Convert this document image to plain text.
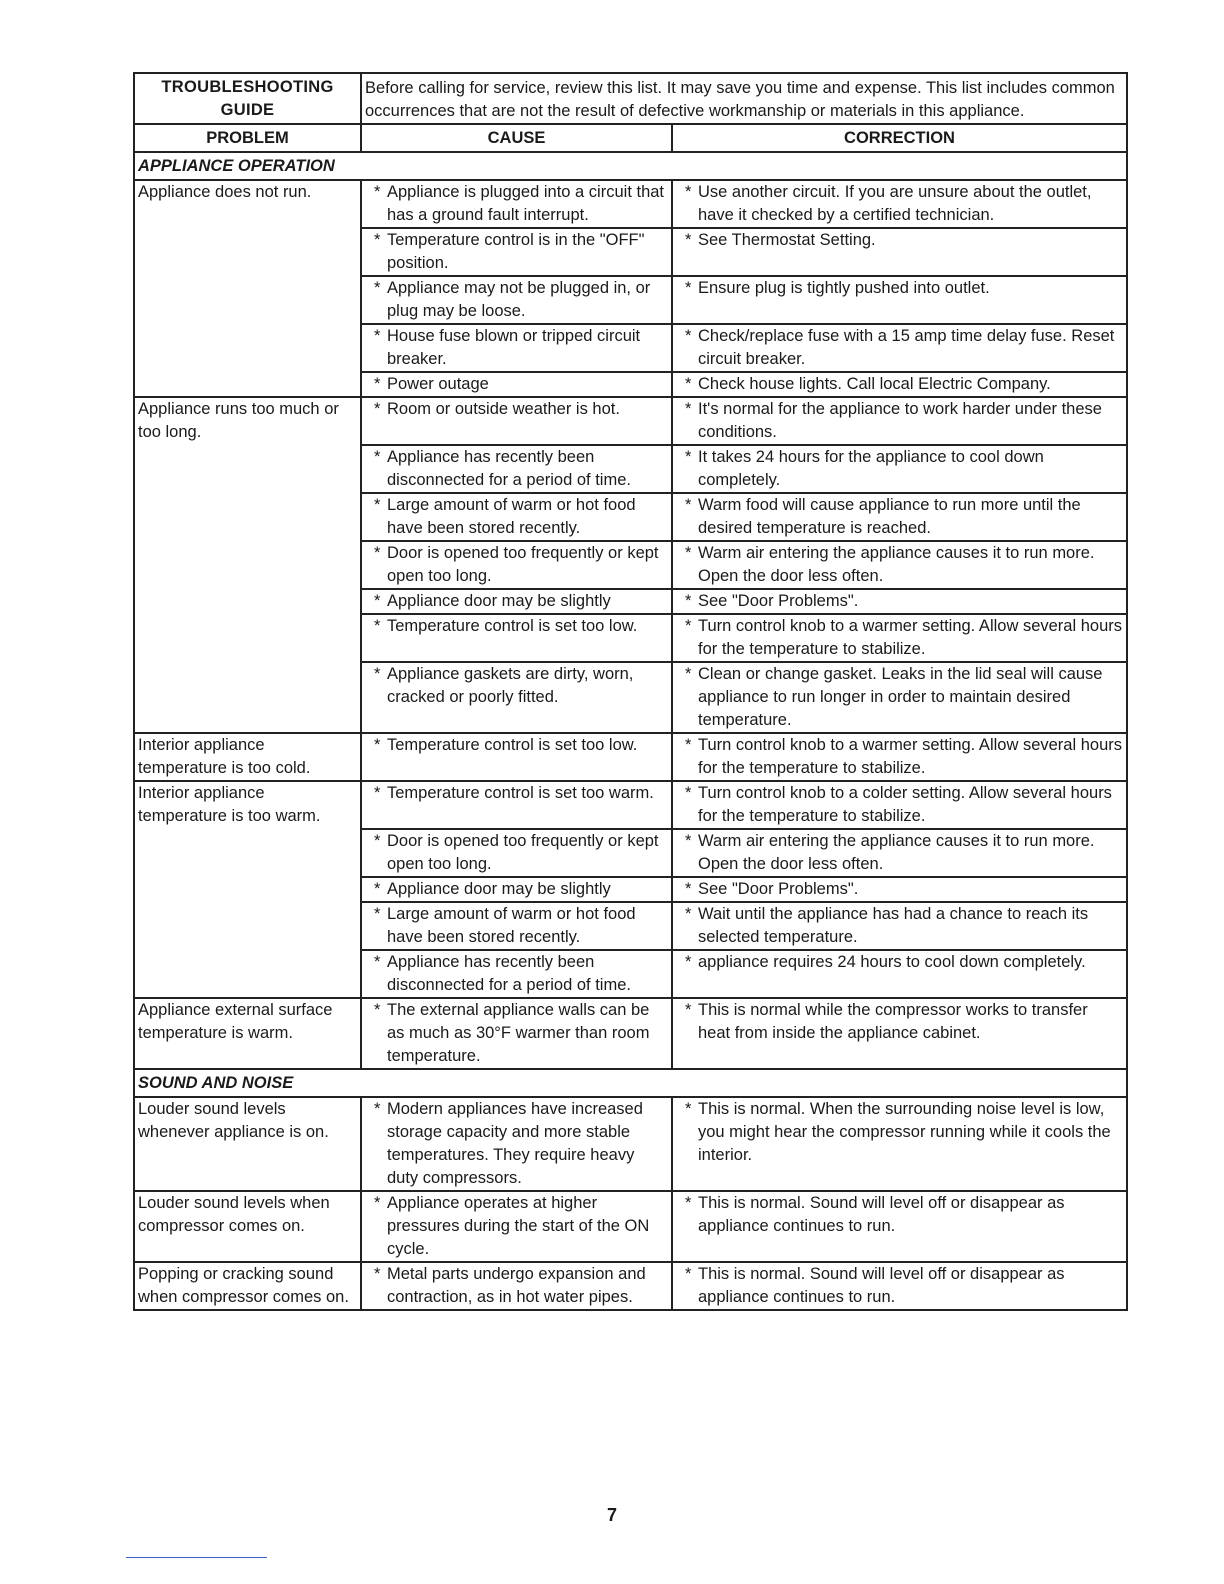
TROUBLESHOOTING
GUIDE	Before calling for service, review this list. It may save you time and expense. This list includes common occurrences that are not the result of defective workmanship or materials in this appliance.	
PROBLEM	CAUSE	CORRECTION
APPLIANCE OPERATION		
Appliance does not run.	* Appliance is plugged into a circuit that has a ground fault interrupt.	* Use another circuit. If you are unsure about the outlet, have it checked by a certified technician.

	* Temperature control is in the "OFF" position.	* See Thermostat Setting.

	* Appliance may not be plugged in, or plug may be loose.	* Ensure plug is tightly pushed into outlet.

	* House fuse blown or tripped circuit breaker.	* Check/replace fuse with a 15 amp time delay fuse. Reset circuit breaker.

	* Power outage	* Check house lights. Call local Electric Company.

Appliance runs too much or too long.	* Room or outside weather is hot.	* It's normal for the appliance to work harder under these conditions.

	* Appliance has recently been disconnected for a period of time.	* It takes 24 hours for the appliance to cool down completely.

	* Large amount of warm or hot food have been stored recently.	* Warm food will cause appliance to run more until the desired temperature is reached.

	* Door is opened too frequently or kept open too long.	* Warm air entering the appliance causes it to run more. Open the door less often.

	* Appliance door may be slightly	* See "Door Problems".

	* Temperature control is set too low.	* Turn control knob to a warmer setting. Allow several hours for the temperature to stabilize.

	* Appliance gaskets are dirty, worn, cracked or poorly fitted.	* Clean or change gasket. Leaks in the lid seal will cause appliance to run longer in order to maintain desired temperature.

Interior appliance temperature is too cold.	* Temperature control is set too low.	* Turn control knob to a warmer setting. Allow several hours for the temperature to stabilize.

Interior appliance temperature is too warm.	* Temperature control is set too warm.	* Turn control knob to a colder setting. Allow several hours for the temperature to stabilize.

	* Door is opened too frequently or kept open too long.	* Warm air entering the appliance causes it to run more. Open the door less often.

	* Appliance door may be slightly	* See "Door Problems".

	* Large amount of warm or hot food have been stored recently.	* Wait until the appliance has had a chance to reach its selected temperature.

	* Appliance has recently been disconnected for a period of time.	* appliance requires 24 hours to cool down completely.

Appliance external surface temperature is warm.	* The external appliance walls can be as much as 30°F warmer than room temperature.	* This is normal while the compressor works to transfer heat from inside the appliance cabinet.

SOUND AND NOISE		
Louder sound levels whenever appliance is on.	* Modern appliances have increased storage capacity and more stable temperatures. They require heavy duty compressors.	* This is normal. When the surrounding noise level is low, you might hear the compressor running while it cools the interior.

Louder sound levels when compressor comes on.	* Appliance operates at higher pressures during the start of the ON cycle.	* This is normal. Sound will level off or disappear as appliance continues to run.

Popping or cracking sound when compressor comes on.	* Metal parts undergo expansion and contraction, as in hot water pipes.	* This is normal. Sound will level off or disappear as appliance continues to run.
7
